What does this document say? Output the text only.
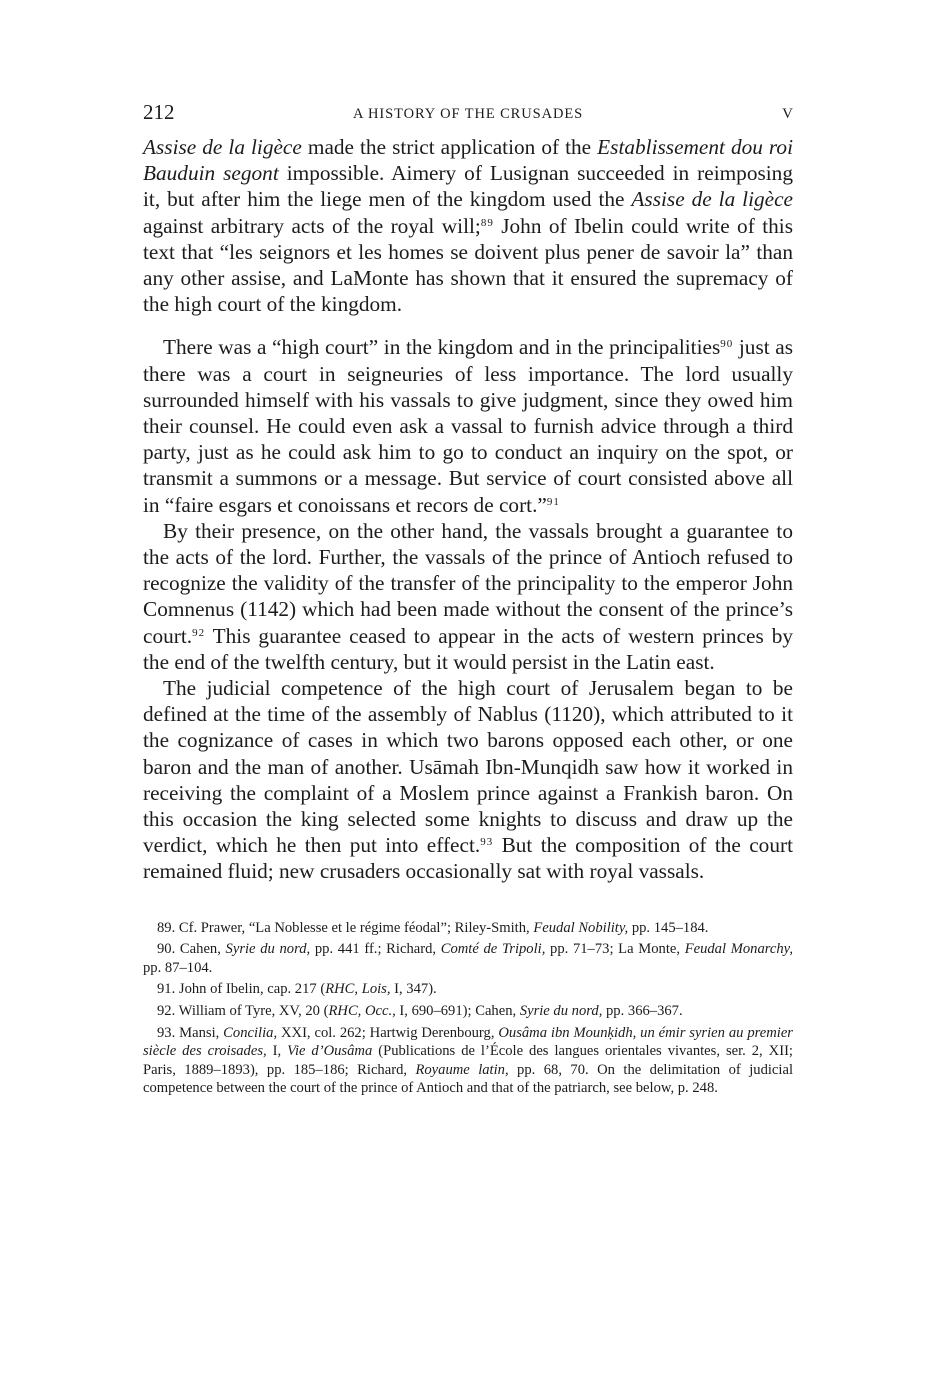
212	A HISTORY OF THE CRUSADES	V

Assise de la ligèce made the strict application of the Establissement dou roi Bauduin segont impossible. Aimery of Lusignan succeeded in reimposing it, but after him the liege men of the kingdom used the Assise de la ligèce against arbitrary acts of the royal will;$^{89}$ John of Ibelin could write of this text that “les seignors et les homes se doivent plus pener de savoir la” than any other assise, and LaMonte has shown that it ensured the supremacy of the high court of the kingdom.

There was a “high court” in the kingdom and in the principalities$^{90}$ just as there was a court in seigneuries of less importance. The lord usually surrounded himself with his vassals to give judgment, since they owed him their counsel. He could even ask a vassal to furnish advice through a third party, just as he could ask him to go to conduct an inquiry on the spot, or transmit a summons or a message. But service of court consisted above all in “faire esgars et conoissans et recors de cort.”$^{91}$

By their presence, on the other hand, the vassals brought a guarantee to the acts of the lord. Further, the vassals of the prince of Antioch refused to recognize the validity of the transfer of the principality to the emperor John Comnenus (1142) which had been made without the consent of the prince’s court.$^{92}$ This guarantee ceased to appear in the acts of western princes by the end of the twelfth century, but it would persist in the Latin east.

The judicial competence of the high court of Jerusalem began to be defined at the time of the assembly of Nablus (1120), which attributed to it the cognizance of cases in which two barons opposed each other, or one baron and the man of another. Usāmah Ibn-Munqidh saw how it worked in receiving the complaint of a Moslem prince against a Frankish baron. On this occasion the king selected some knights to discuss and draw up the verdict, which he then put into effect.$^{93}$ But the composition of the court remained fluid; new crusaders occasionally sat with royal vassals.

89. Cf. Prawer, “La Noblesse et le régime féodal”; Riley-Smith, Feudal Nobility, pp. 145–184.

90. Cahen, Syrie du nord, pp. 441 ff.; Richard, Comté de Tripoli, pp. 71–73; La Monte, Feudal Monarchy, pp. 87–104.

91. John of Ibelin, cap. 217 (RHC, Lois, I, 347).

92. William of Tyre, XV, 20 (RHC, Occ., I, 690–691); Cahen, Syrie du nord, pp. 366–367.

93. Mansi, Concilia, XXI, col. 262; Hartwig Derenbourg, Ousâma ibn Mounḳidh, un émir syrien au premier siècle des croisades, I, Vie d’Ousâma (Publications de l’École des langues orientales vivantes, ser. 2, XII; Paris, 1889–1893), pp. 185–186; Richard, Royaume latin, pp. 68, 70. On the delimitation of judicial competence between the court of the prince of Antioch and that of the patriarch, see below, p. 248.
